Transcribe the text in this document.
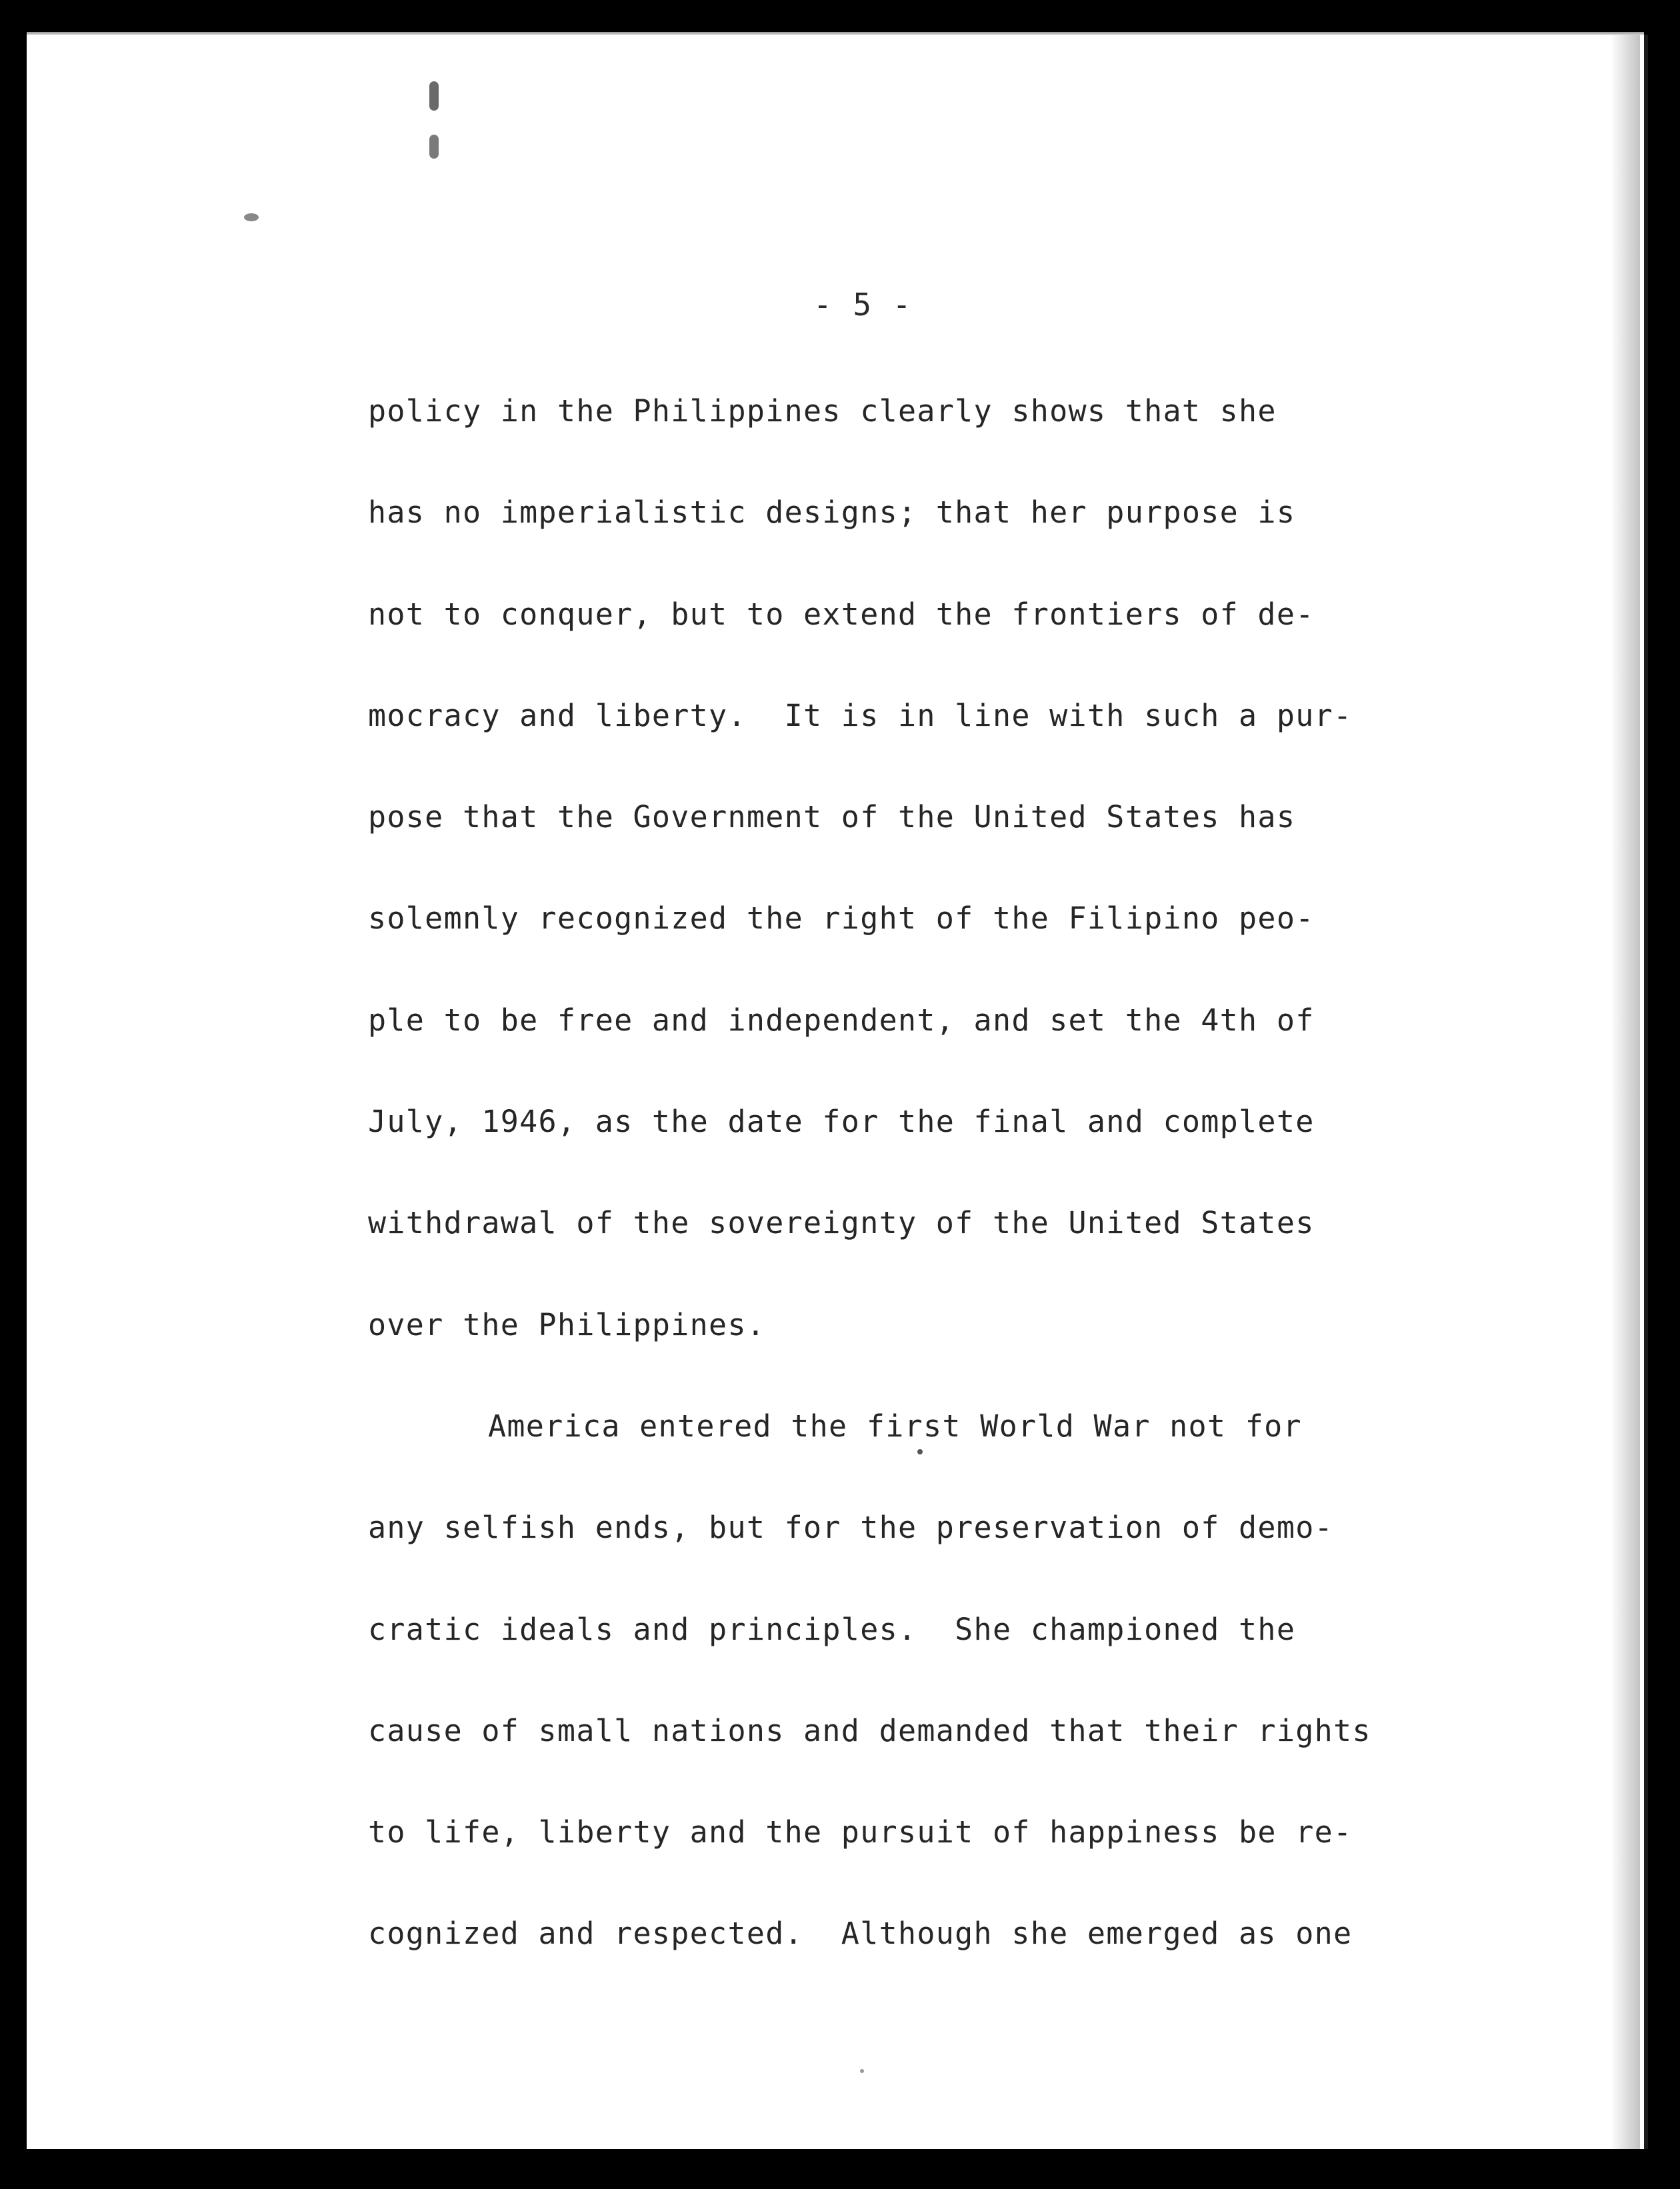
- 5 -
policy in the Philippines clearly shows that she
has no imperialistic designs; that her purpose is
not to conquer, but to extend the frontiers of de-
mocracy and liberty.  It is in line with such a pur-
pose that the Government of the United States has
solemnly recognized the right of the Filipino peo-
ple to be free and independent, and set the 4th of
July, 1946, as the date for the final and complete
withdrawal of the sovereignty of the United States
over the Philippines.
America entered the first World War not for
any selfish ends, but for the preservation of demo-
cratic ideals and principles.  She championed the
cause of small nations and demanded that their rights
to life, liberty and the pursuit of happiness be re-
cognized and respected.  Although she emerged as one
